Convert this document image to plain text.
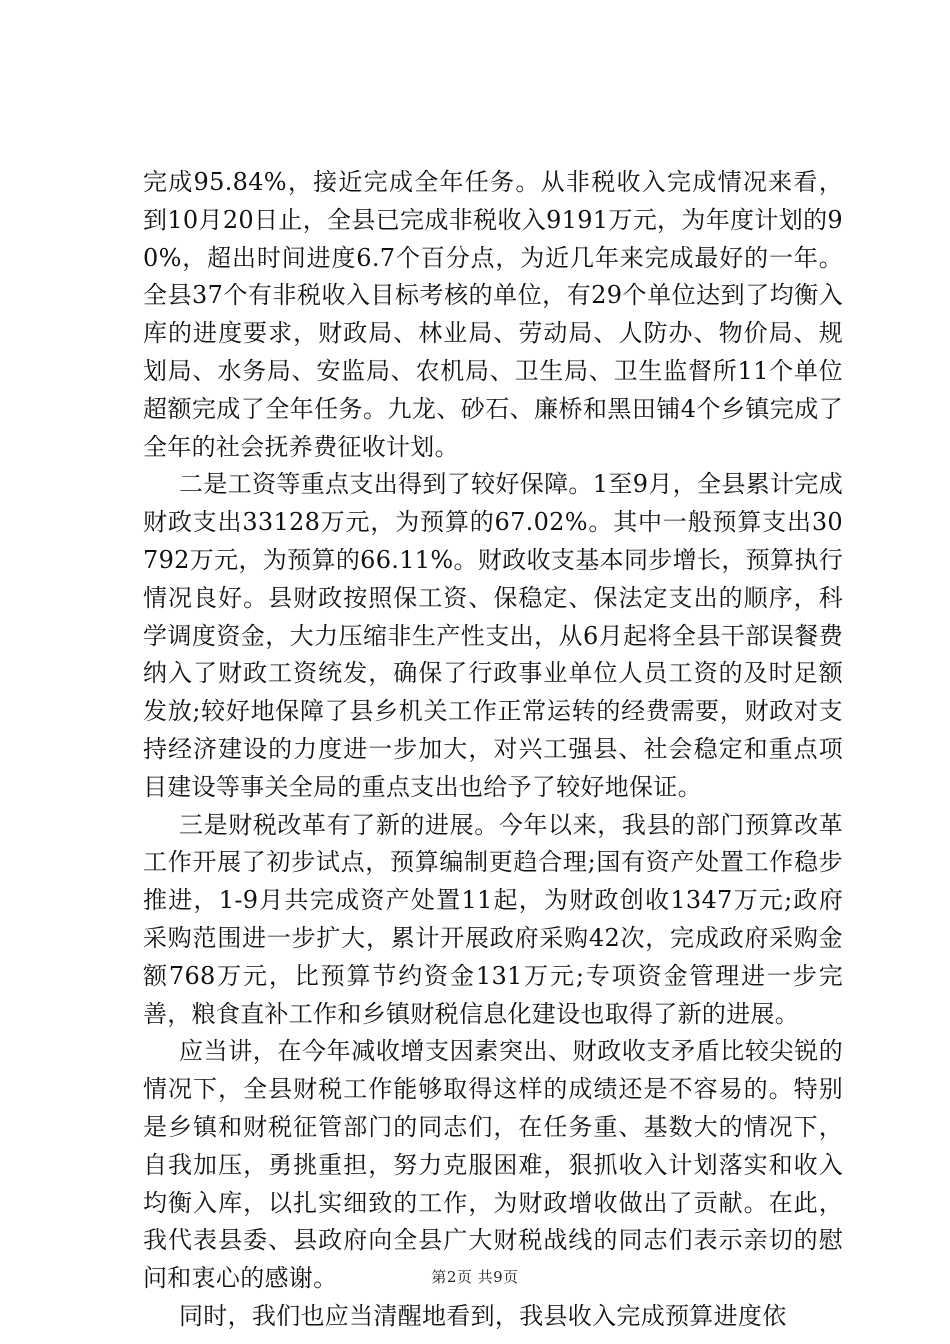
完成95.84%，接近完成全年任务。从非税收入完成情况来看，到10月20日止，全县已完成非税收入9191万元，为年度计划的90%，超出时间进度6.7个百分点，为近几年来完成最好的一年。全县37个有非税收入目标考核的单位，有29个单位达到了均衡入库的进度要求，财政局、林业局、劳动局、人防办、物价局、规划局、水务局、安监局、农机局、卫生局、卫生监督所11个单位超额完成了全年任务。九龙、砂石、廉桥和黑田铺4个乡镇完成了全年的社会抚养费征收计划。

二是工资等重点支出得到了较好保障。1至9月，全县累计完成财政支出33128万元，为预算的67.02%。其中一般预算支出30792万元，为预算的66.11%。财政收支基本同步增长，预算执行情况良好。县财政按照保工资、保稳定、保法定支出的顺序，科学调度资金，大力压缩非生产性支出，从6月起将全县干部误餐费纳入了财政工资统发，确保了行政事业单位人员工资的及时足额发放;较好地保障了县乡机关工作正常运转的经费需要，财政对支持经济建设的力度进一步加大，对兴工强县、社会稳定和重点项目建设等事关全局的重点支出也给予了较好地保证。

三是财税改革有了新的进展。今年以来，我县的部门预算改革工作开展了初步试点，预算编制更趋合理;国有资产处置工作稳步推进，1-9月共完成资产处置11起，为财政创收1347万元;政府采购范围进一步扩大，累计开展政府采购42次，完成政府采购金额768万元，比预算节约资金131万元;专项资金管理进一步完善，粮食直补工作和乡镇财税信息化建设也取得了新的进展。

应当讲，在今年减收增支因素突出、财政收支矛盾比较尖锐的情况下，全县财税工作能够取得这样的成绩还是不容易的。特别是乡镇和财税征管部门的同志们，在任务重、基数大的情况下，自我加压，勇挑重担，努力克服困难，狠抓收入计划落实和收入均衡入库，以扎实细致的工作，为财政增收做出了贡献。在此，我代表县委、县政府向全县广大财税战线的同志们表示亲切的慰问和衷心的感谢。

同时，我们也应当清醒地看到，我县收入完成预算进度依

第2页 共9页
